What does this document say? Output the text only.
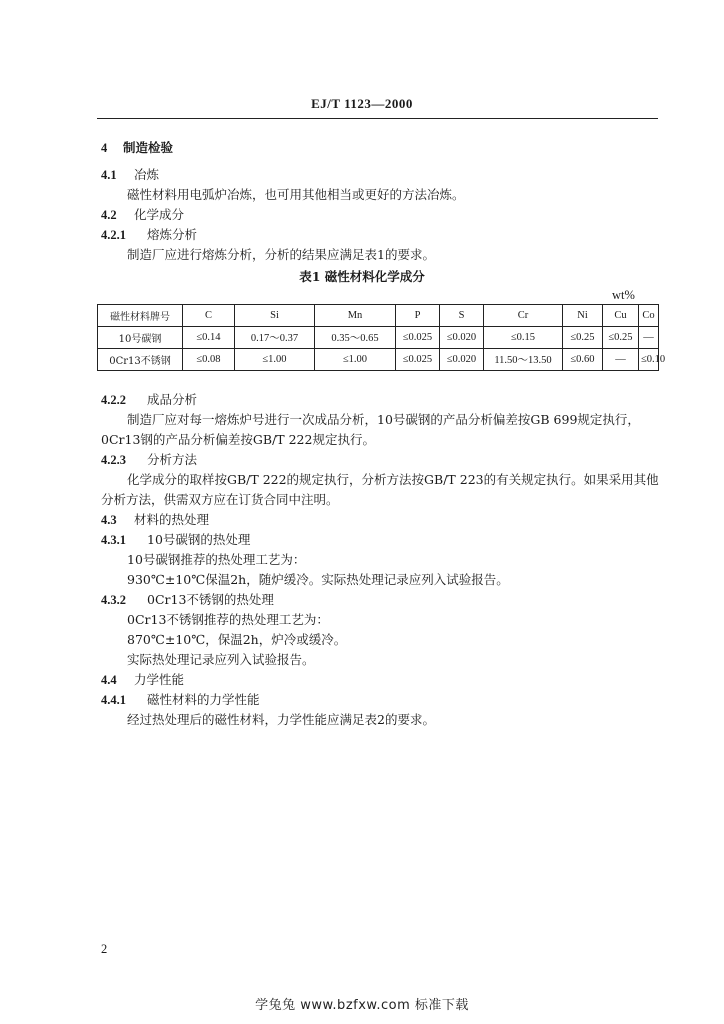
EJ/T 1123—2000
4 制造检验
4.1 冶炼
磁性材料用电弧炉冶炼，也可用其他相当或更好的方法冶炼。
4.2 化学成分
4.2.1 熔炼分析
制造厂应进行熔炼分析，分析的结果应满足表1的要求。
表1 磁性材料化学成分
wt%
磁性材料牌号	C	Si	Mn	P	S	Cr	Ni	Cu	Co
10号碳钢	≤0.14	0.17～0.37	0.35～0.65	≤0.025	≤0.020	≤0.15	≤0.25	≤0.25	—
0Cr13不锈钢	≤0.08	≤1.00	≤1.00	≤0.025	≤0.020	11.50～13.50	≤0.60	—	≤0.10
4.2.2 成品分析
制造厂应对每一熔炼炉号进行一次成品分析，10号碳钢的产品分析偏差按GB 699规定执行，
0Cr13钢的产品分析偏差按GB/T 222规定执行。
4.2.3 分析方法
化学成分的取样按GB/T 222的规定执行，分析方法按GB/T 223的有关规定执行。如果采用其他
分析方法，供需双方应在订货合同中注明。
4.3 材料的热处理
4.3.1 10号碳钢的热处理
10号碳钢推荐的热处理工艺为：
930℃±10℃保温2h，随炉缓冷。实际热处理记录应列入试验报告。
4.3.2 0Cr13不锈钢的热处理
0Cr13不锈钢推荐的热处理工艺为：
870℃±10℃，保温2h，炉冷或缓冷。
实际热处理记录应列入试验报告。
4.4 力学性能
4.4.1 磁性材料的力学性能
经过热处理后的磁性材料，力学性能应满足表2的要求。
2
学兔兔 www.bzfxw.com 标准下载
